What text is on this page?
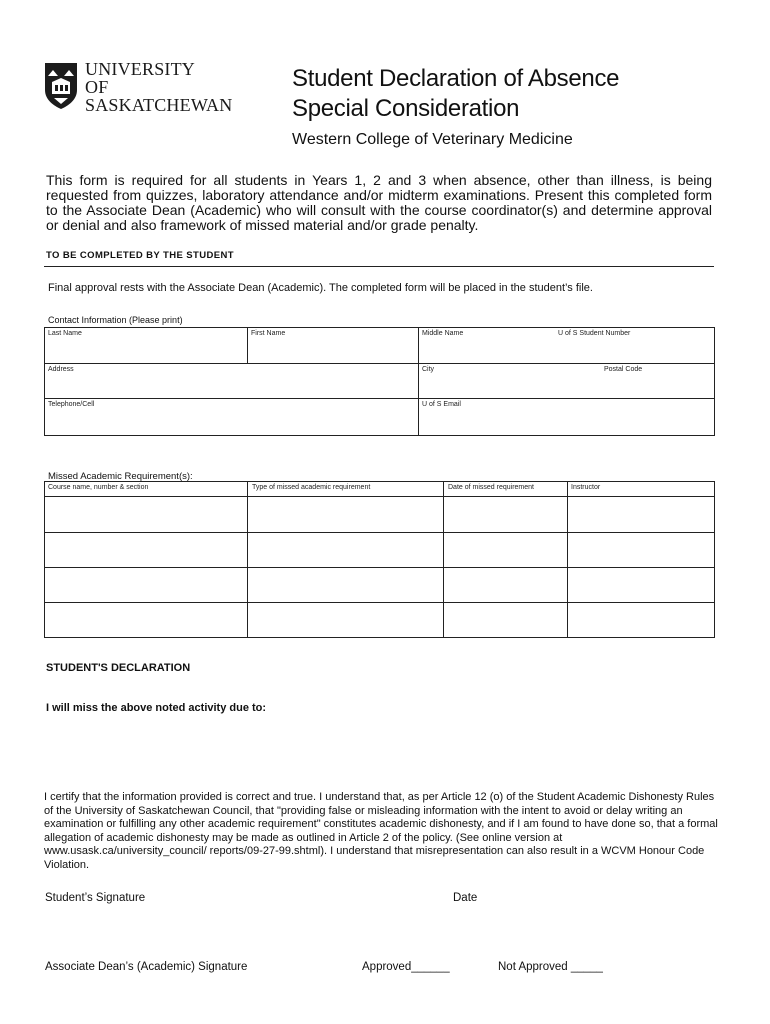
UNIVERSITY
OF
SASKATCHEWAN
Student Declaration of Absence
Special Consideration
Western College of Veterinary Medicine
This form is required for all students in Years 1, 2 and 3 when absence, other than illness, is being requested from quizzes, laboratory attendance and/or midterm examinations. Present this completed form to the Associate Dean (Academic) who will consult with the course coordinator(s) and determine approval or denial and also framework of missed material and/or grade penalty.
TO BE COMPLETED BY THE STUDENT
Final approval rests with the Associate Dean (Academic). The completed form will be placed in the student’s file.
Contact Information (Please print)
Last Name	First Name	Middle Name	U of S Student Number
Address	City	Postal Code
Telephone/Cell	U of S Email
Missed Academic Requirement(s):
Course name, number & section	Type of missed academic requirement	Date of missed requirement	Instructor
STUDENT'S DECLARATION
I will miss the above noted activity due to:
I certify that the information provided is correct and true. I understand that, as per Article 12 (o) of the Student Academic Dishonesty Rules of the University of Saskatchewan Council, that "providing false or misleading information with the intent to avoid or delay writing an examination or fulfilling any other academic requirement" constitutes academic dishonesty, and if I am found to have done so, that a formal allegation of academic dishonesty may be made as outlined in Article 2 of the policy. (See online version at www.usask.ca/university_council/ reports/09-27-99.shtml). I understand that misrepresentation can also result in a WCVM Honour Code Violation.
Student’s Signature	Date
Associate Dean’s (Academic) Signature	Approved______	Not Approved _____
